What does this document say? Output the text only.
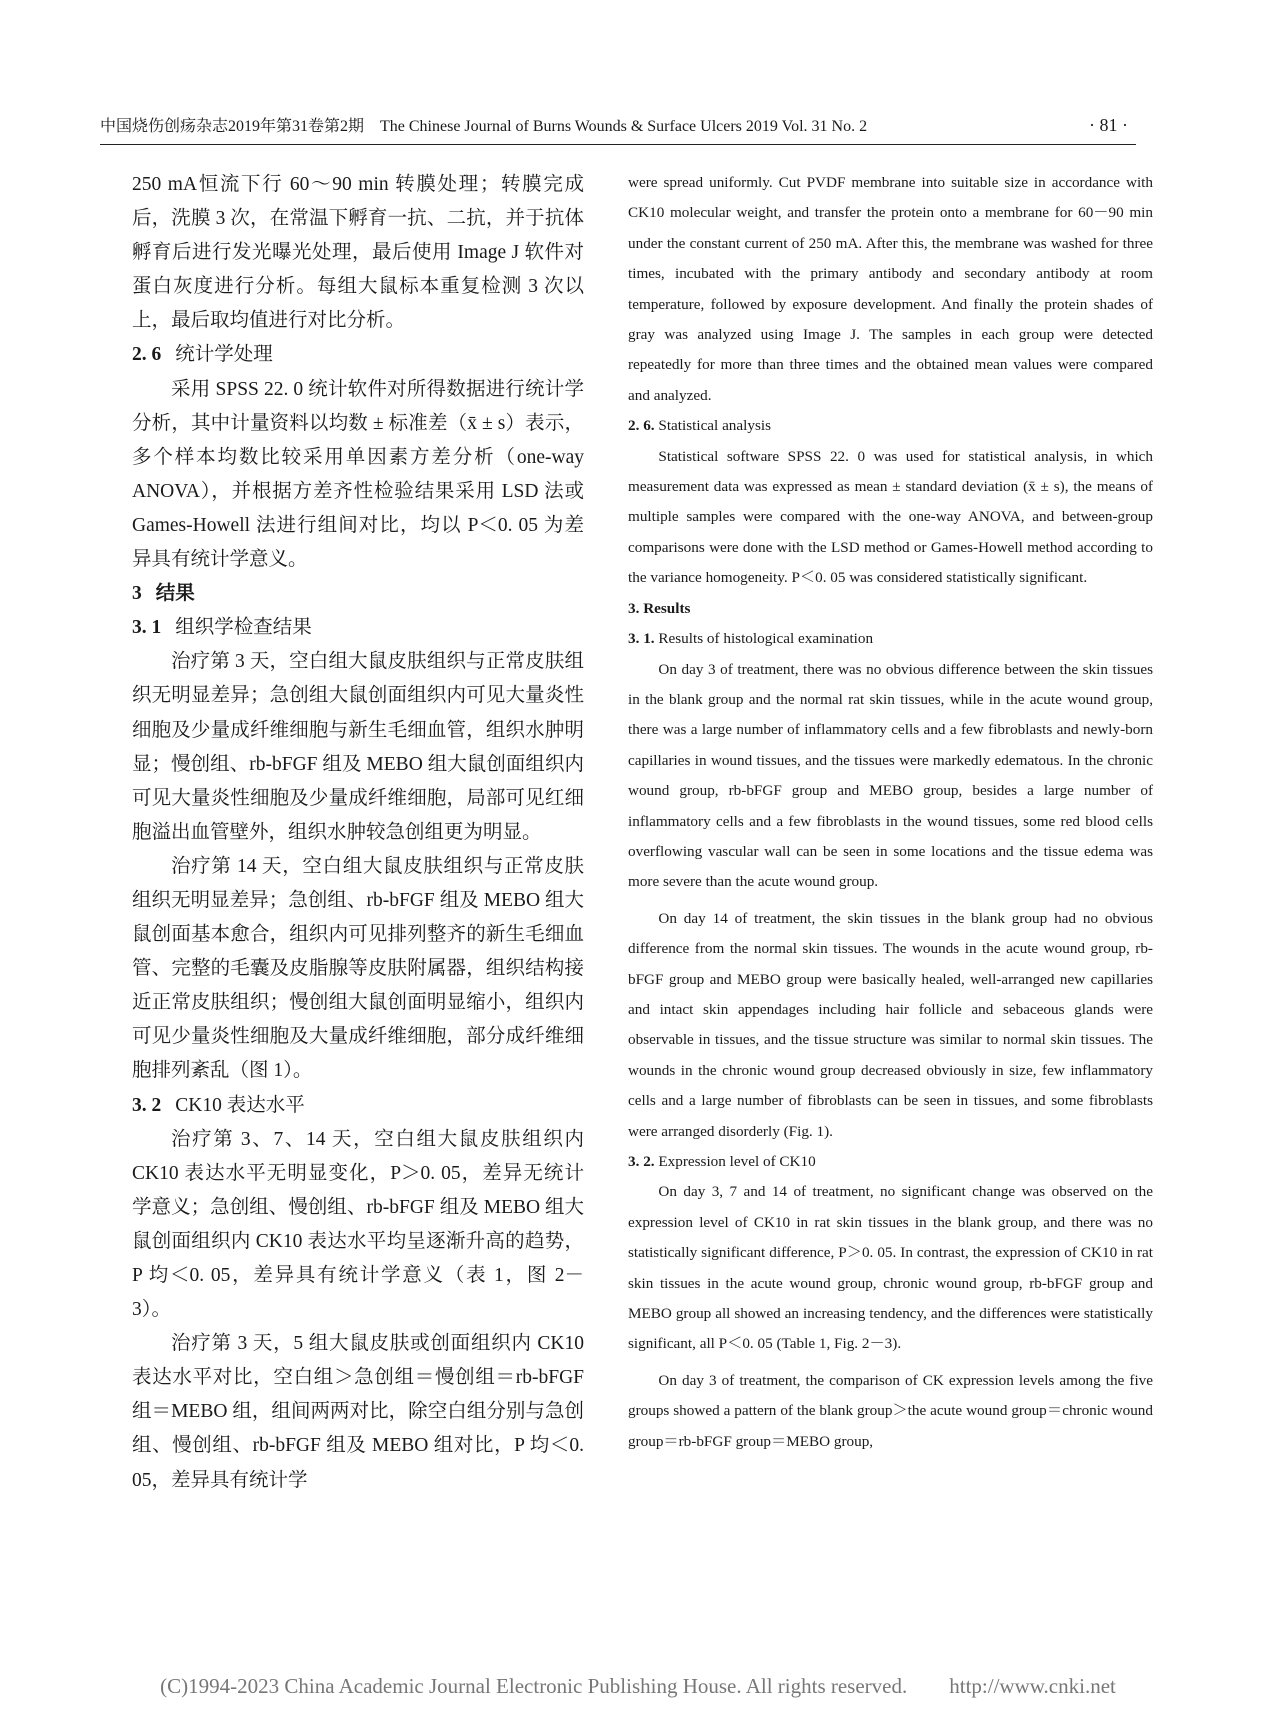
中国烧伤创疡杂志2019年第31卷第2期　The Chinese Journal of Burns Wounds & Surface Ulcers 2019 Vol. 31 No. 2	· 81 ·

250 mA恒流下行 60～90 min 转膜处理；转膜完成后，洗膜 3 次，在常温下孵育一抗、二抗，并于抗体孵育后进行发光曝光处理，最后使用 Image J 软件对蛋白灰度进行分析。每组大鼠标本重复检测 3 次以上，最后取均值进行对比分析。

2. 6 统计学处理

采用 SPSS 22. 0 统计软件对所得数据进行统计学分析，其中计量资料以均数 ± 标准差（x̄ ± s）表示，多个样本均数比较采用单因素方差分析（one-way ANOVA），并根据方差齐性检验结果采用 LSD 法或 Games-Howell 法进行组间对比，均以 P＜0. 05 为差异具有统计学意义。

3 结果
3. 1 组织学检查结果

治疗第 3 天，空白组大鼠皮肤组织与正常皮肤组织无明显差异；急创组大鼠创面组织内可见大量炎性细胞及少量成纤维细胞与新生毛细血管，组织水肿明显；慢创组、rb-bFGF 组及 MEBO 组大鼠创面组织内可见大量炎性细胞及少量成纤维细胞，局部可见红细胞溢出血管壁外，组织水肿较急创组更为明显。

治疗第 14 天，空白组大鼠皮肤组织与正常皮肤组织无明显差异；急创组、rb-bFGF 组及 MEBO 组大鼠创面基本愈合，组织内可见排列整齐的新生毛细血管、完整的毛囊及皮脂腺等皮肤附属器，组织结构接近正常皮肤组织；慢创组大鼠创面明显缩小，组织内可见少量炎性细胞及大量成纤维细胞，部分成纤维细胞排列紊乱（图 1）。

3. 2 CK10 表达水平

治疗第 3、7、14 天，空白组大鼠皮肤组织内 CK10 表达水平无明显变化，P＞0. 05，差异无统计学意义；急创组、慢创组、rb-bFGF 组及 MEBO 组大鼠创面组织内 CK10 表达水平均呈逐渐升高的趋势，P 均＜0. 05，差异具有统计学意义（表 1，图 2－3）。

治疗第 3 天，5 组大鼠皮肤或创面组织内 CK10 表达水平对比，空白组＞急创组＝慢创组＝rb-bFGF 组＝MEBO 组，组间两两对比，除空白组分别与急创组、慢创组、rb-bFGF 组及 MEBO 组对比，P 均＜0. 05，差异具有统计学

were spread uniformly. Cut PVDF membrane into suitable size in accordance with CK10 molecular weight, and transfer the protein onto a membrane for 60－90 min under the constant current of 250 mA. After this, the membrane was washed for three times, incubated with the primary antibody and secondary antibody at room temperature, followed by exposure development. And finally the protein shades of gray was analyzed using Image J. The samples in each group were detected repeatedly for more than three times and the obtained mean values were compared and analyzed.

2. 6. Statistical analysis

Statistical software SPSS 22. 0 was used for statistical analysis, in which measurement data was expressed as mean ± standard deviation (x̄ ± s), the means of multiple samples were compared with the one-way ANOVA, and between-group comparisons were done with the LSD method or Games-Howell method according to the variance homogeneity. P＜0. 05 was considered statistically significant.

3. Results
3. 1. Results of histological examination

On day 3 of treatment, there was no obvious difference between the skin tissues in the blank group and the normal rat skin tissues, while in the acute wound group, there was a large number of inflammatory cells and a few fibroblasts and newly-born capillaries in wound tissues, and the tissues were markedly edematous. In the chronic wound group, rb-bFGF group and MEBO group, besides a large number of inflammatory cells and a few fibroblasts in the wound tissues, some red blood cells overflowing vascular wall can be seen in some locations and the tissue edema was more severe than the acute wound group.

On day 14 of treatment, the skin tissues in the blank group had no obvious difference from the normal skin tissues. The wounds in the acute wound group, rb-bFGF group and MEBO group were basically healed, well-arranged new capillaries and intact skin appendages including hair follicle and sebaceous glands were observable in tissues, and the tissue structure was similar to normal skin tissues. The wounds in the chronic wound group decreased obviously in size, few inflammatory cells and a large number of fibroblasts can be seen in tissues, and some fibroblasts were arranged disorderly (Fig. 1).

3. 2. Expression level of CK10

On day 3, 7 and 14 of treatment, no significant change was observed on the expression level of CK10 in rat skin tissues in the blank group, and there was no statistically significant difference, P＞0. 05. In contrast, the expression of CK10 in rat skin tissues in the acute wound group, chronic wound group, rb-bFGF group and MEBO group all showed an increasing tendency, and the differences were statistically significant, all P＜0. 05 (Table 1, Fig. 2－3).

On day 3 of treatment, the comparison of CK expression levels among the five groups showed a pattern of the blank group＞the acute wound group＝chronic wound group＝rb-bFGF group＝MEBO group,

(C)1994-2023 China Academic Journal Electronic Publishing House. All rights reserved.　　http://www.cnki.net
